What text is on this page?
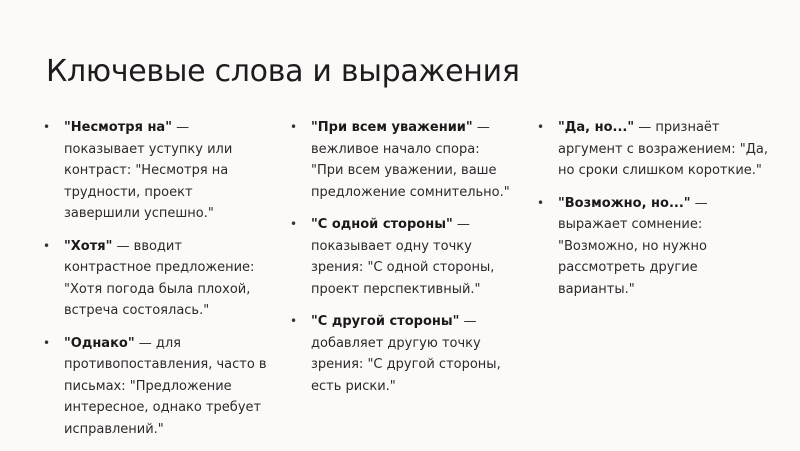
Ключевые слова и выражения
• "Несмотря на" — показывает уступку или контраст: "Несмотря на трудности, проект завершили успешно."
• "Хотя" — вводит контрастное предложение: "Хотя погода была плохой, встреча состоялась."
• "Однако" — для противопоставления, часто в письмах: "Предложение интересное, однако требует исправлений."
• "При всем уважении" — вежливое начало спора: "При всем уважении, ваше предложение сомнительно."
• "С одной стороны" — показывает одну точку зрения: "С одной стороны, проект перспективный."
• "С другой стороны" — добавляет другую точку зрения: "С другой стороны, есть риски."
• "Да, но..." — признаёт аргумент с возражением: "Да, но сроки слишком короткие."
• "Возможно, но..." — выражает сомнение: "Возможно, но нужно рассмотреть другие варианты."
